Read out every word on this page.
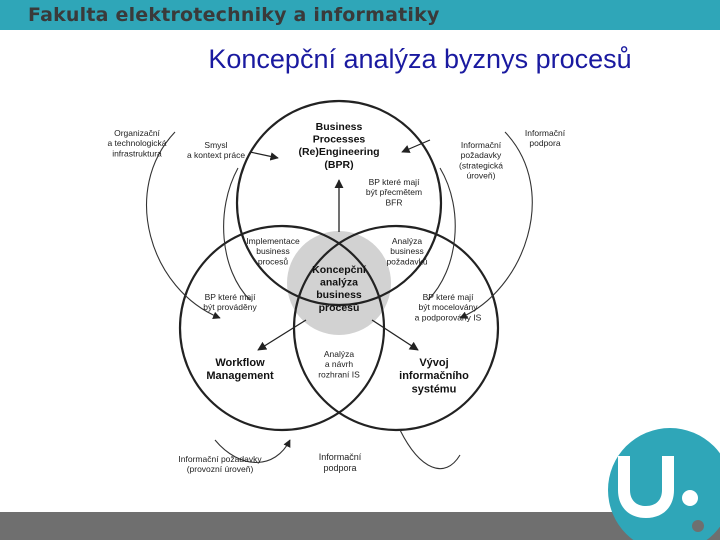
Fakulta elektrotechniky a informatiky
Koncepční analýza byznys procesů
Business Processes (Re)Engineering (BPR)
Koncepční analýza business procesů
Workflow Management
Vývoj informačního systému
Implementace business procesů
Analýza business požadavků
Analýza a návrh rozhraní IS
BP které mají být přecmětem BFR
BP které mají být prováděny
BP které mají být mocelovány a podporovány IS
Organizační a technologická infrastruktura
Smysl a kontext práce
Informační požadavky (strategická úroveň)
Informační podpora
Informační požadavky (provozní úroveň)
Informační podpora
